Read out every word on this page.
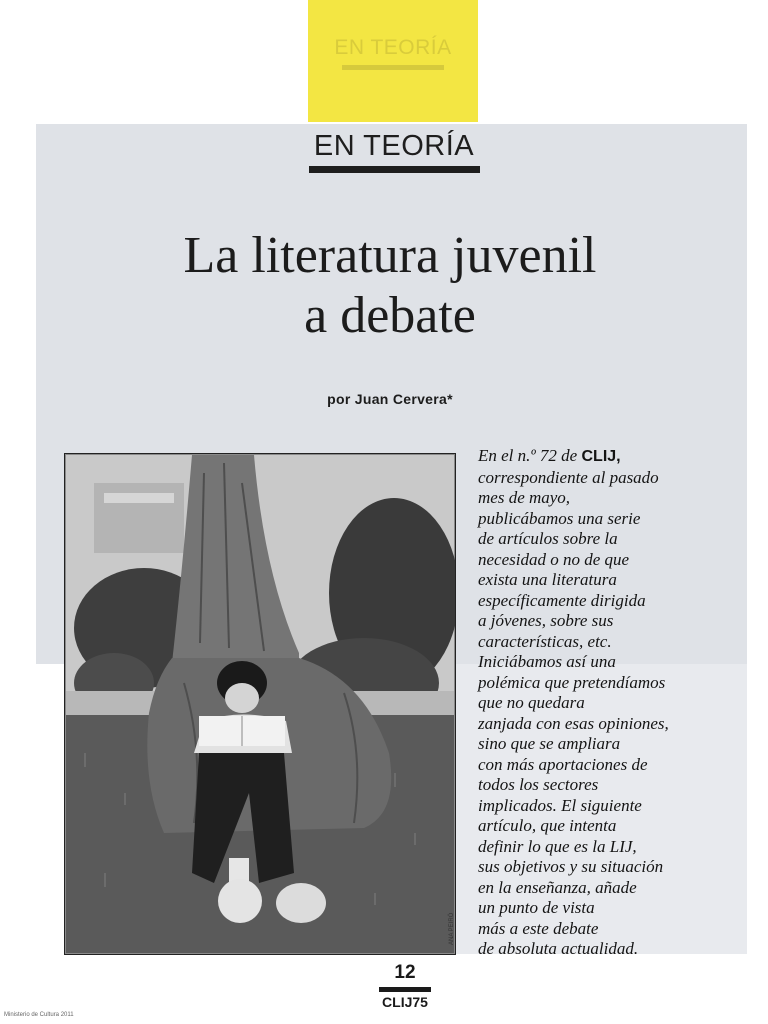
EN TEORÍA
EN TEORÍA
La literatura juvenil
a debate
por Juan Cervera*
ANA PEIRÓ

En el n.º 72 de CLIJ,
correspondiente al pasado
mes de mayo,
publicábamos una serie
de artículos sobre la
necesidad o no de que
exista una literatura
específicamente dirigida
a jóvenes, sobre sus
características, etc.
Iniciábamos así una
polémica que pretendíamos
que no quedara
zanjada con esas opiniones,
sino que se ampliara
con más aportaciones de
todos los sectores
implicados. El siguiente
artículo, que intenta
definir lo que es la LIJ,
sus objetivos y su situación
en la enseñanza, añade
un punto de vista
más a este debate
de absoluta actualidad.

12
CLIJ75
Ministerio de Cultura 2011
